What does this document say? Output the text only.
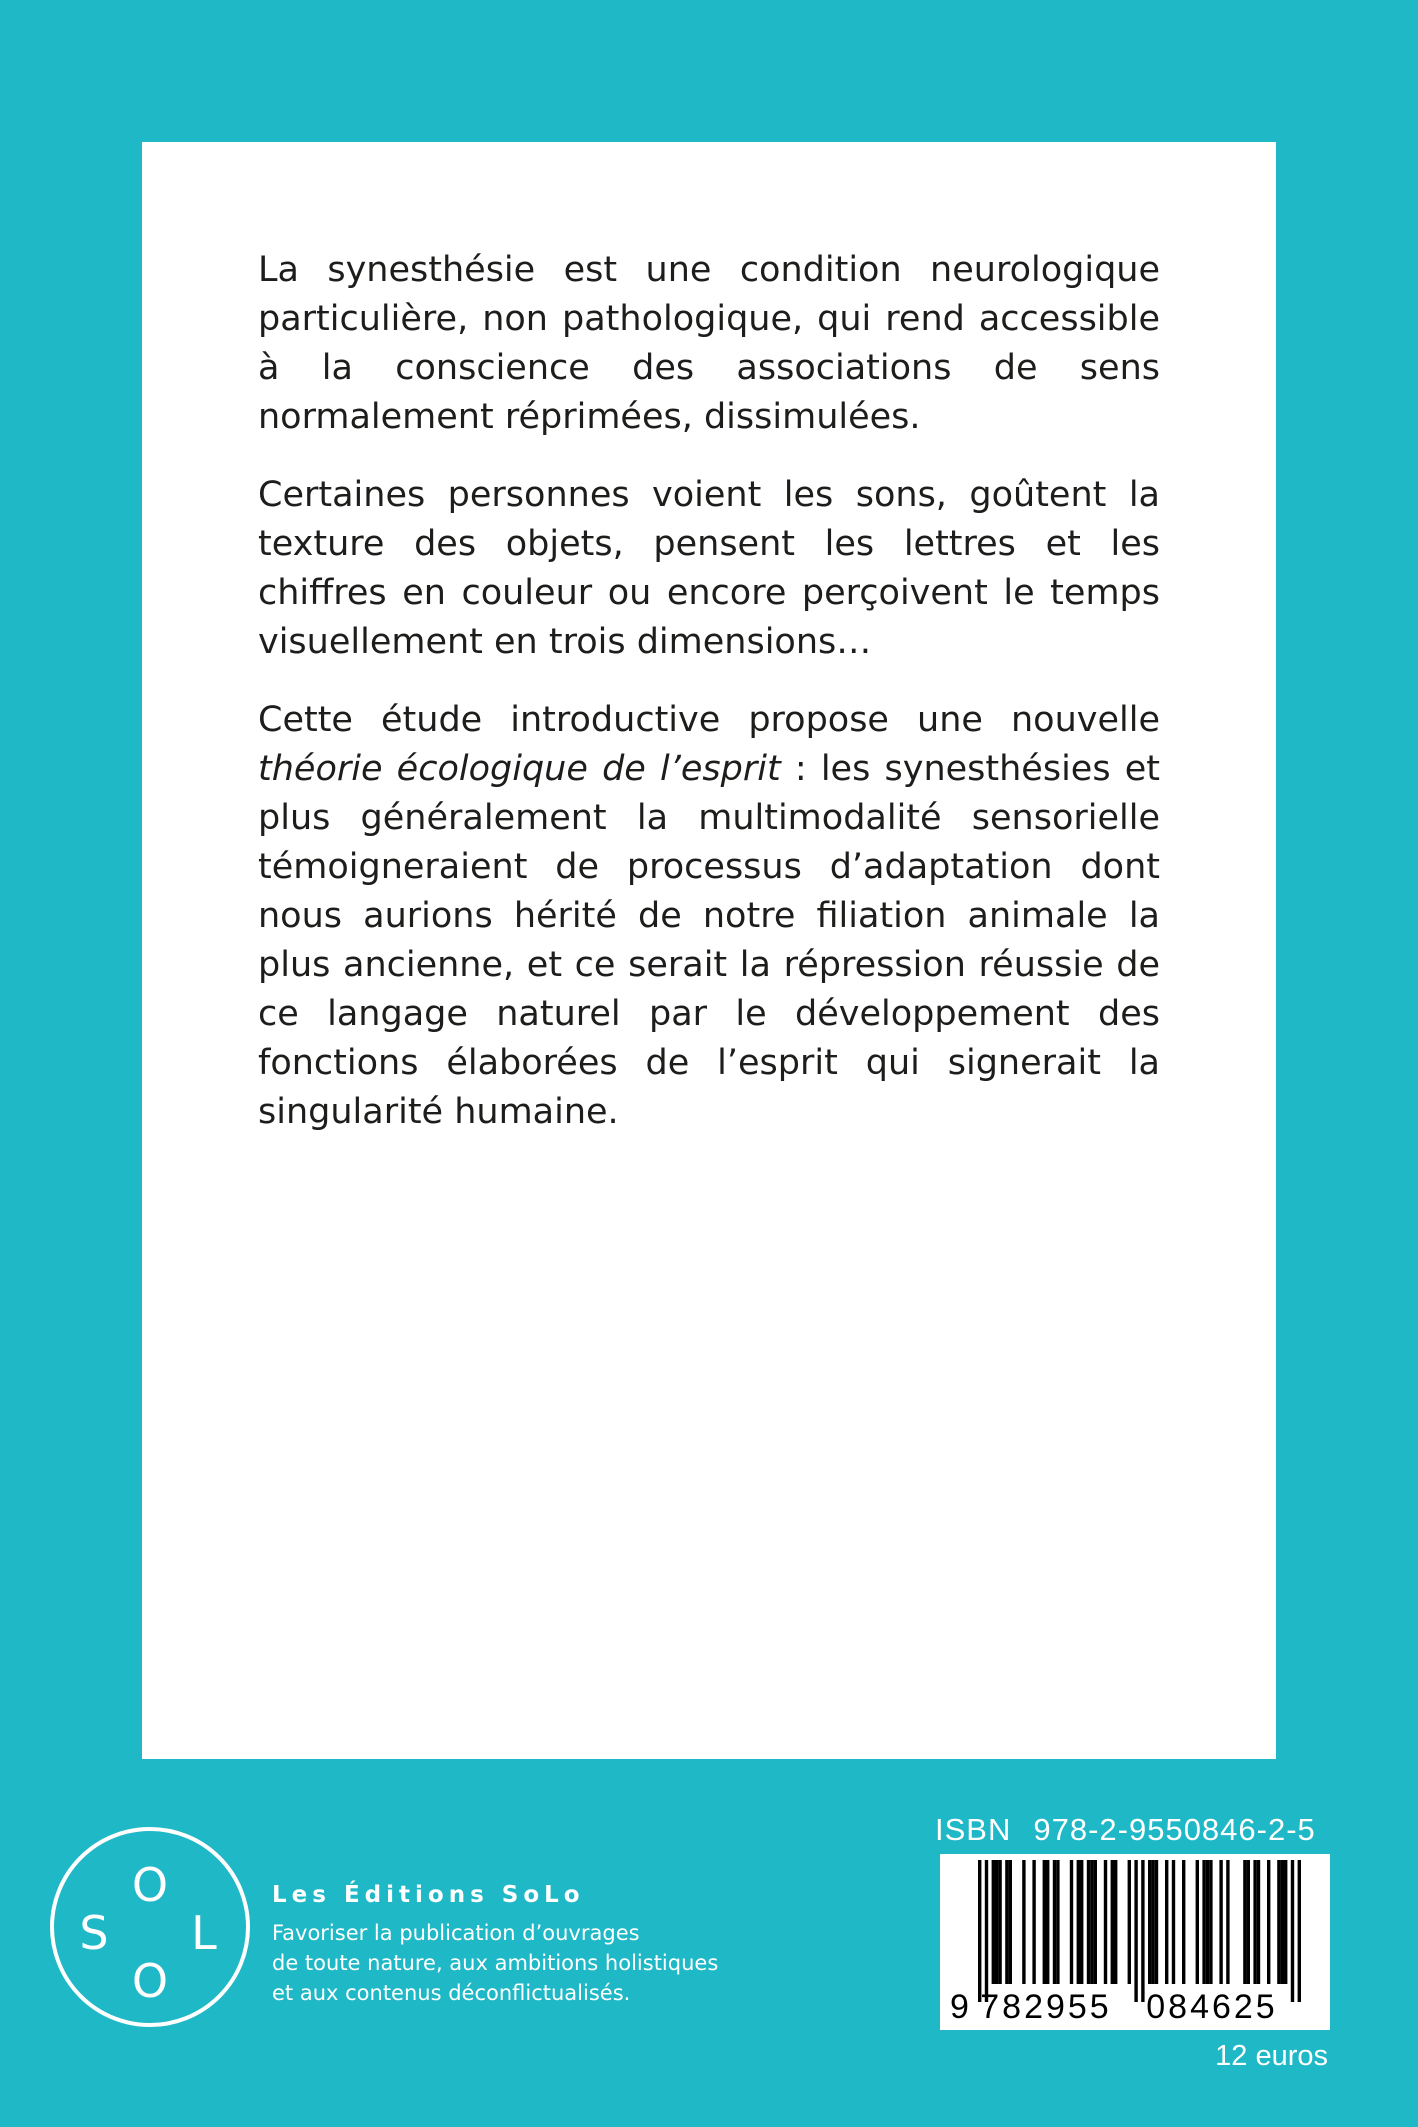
La synesthésie est une condition neurologique particulière, non pathologique, qui rend accessible à la conscience des associations de sens normalement réprimées, dissimulées.

Certaines personnes voient les sons, goûtent la texture des objets, pensent les lettres et les chiffres en couleur ou encore perçoivent le temps visuellement en trois dimensions…

Cette étude introductive propose une nouvelle théorie écologique de l’esprit : les synesthésies et plus généralement la multimodalité sensorielle témoigneraient de processus d’adaptation dont nous aurions hérité de notre filiation animale la plus ancienne, et ce serait la répression réussie de ce langage naturel par le développement des fonctions élaborées de l’esprit qui signerait la singularité humaine.

O
S L
O
Les Éditions SoLo
Favoriser la publication d’ouvrages
de toute nature, aux ambitions holistiques
et aux contenus déconflictualisés.
ISBN 978-2-9550846-2-5
9 782955 084625
12 euros
